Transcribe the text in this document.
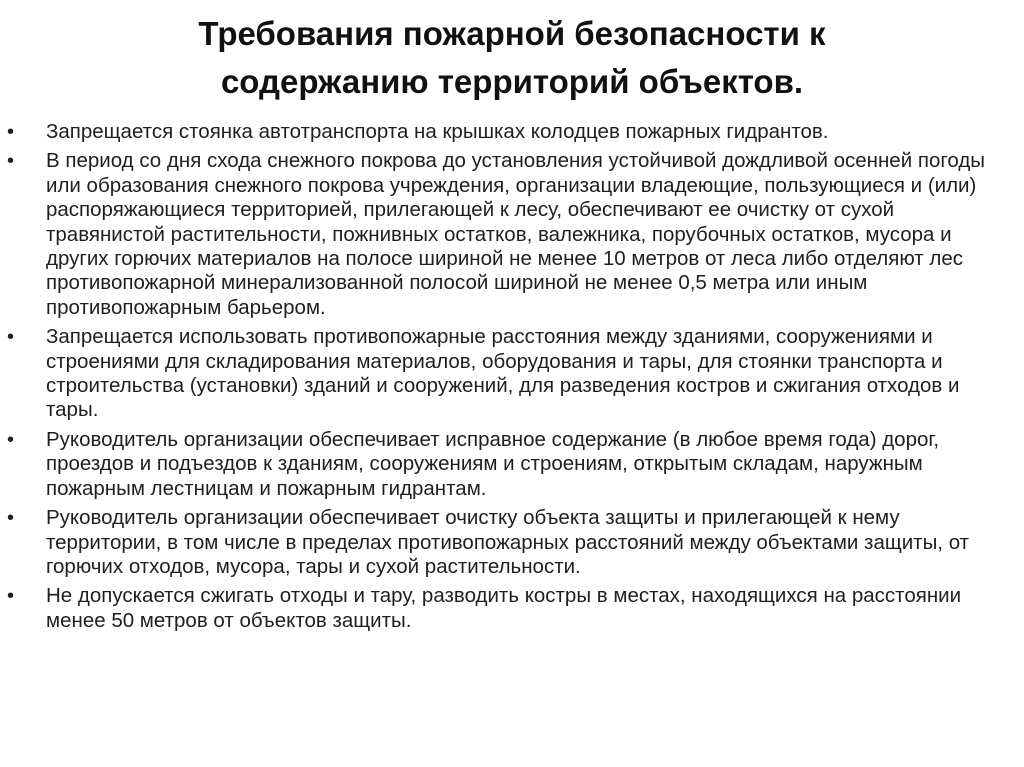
Требования пожарной безопасности к
содержанию территорий объектов.
• Запрещается стоянка автотранспорта на крышках колодцев пожарных гидрантов.
• В период со дня схода снежного покрова до установления устойчивой дождливой осенней погоды или образования снежного покрова учреждения, организации владеющие, пользующиеся и (или) распоряжающиеся территорией, прилегающей к лесу, обеспечивают ее очистку от сухой травянистой растительности, пожнивных остатков, валежника, порубочных остатков, мусора и других горючих материалов на полосе шириной не менее 10 метров от леса либо отделяют лес противопожарной минерализованной полосой шириной не менее 0,5 метра или иным противопожарным барьером.
• Запрещается использовать противопожарные расстояния между зданиями, сооружениями и строениями для складирования материалов, оборудования и тары, для стоянки транспорта и строительства (установки) зданий и сооружений, для разведения костров и сжигания отходов и тары.
• Руководитель организации обеспечивает исправное содержание (в любое время года) дорог, проездов и подъездов к зданиям, сооружениям и строениям, открытым складам, наружным пожарным лестницам и пожарным гидрантам.
• Руководитель организации обеспечивает очистку объекта защиты и прилегающей к нему территории, в том числе в пределах противопожарных расстояний между объектами защиты, от горючих отходов, мусора, тары и сухой растительности.
• Не допускается сжигать отходы и тару, разводить костры в местах, находящихся на расстоянии менее 50 метров от объектов защиты.
